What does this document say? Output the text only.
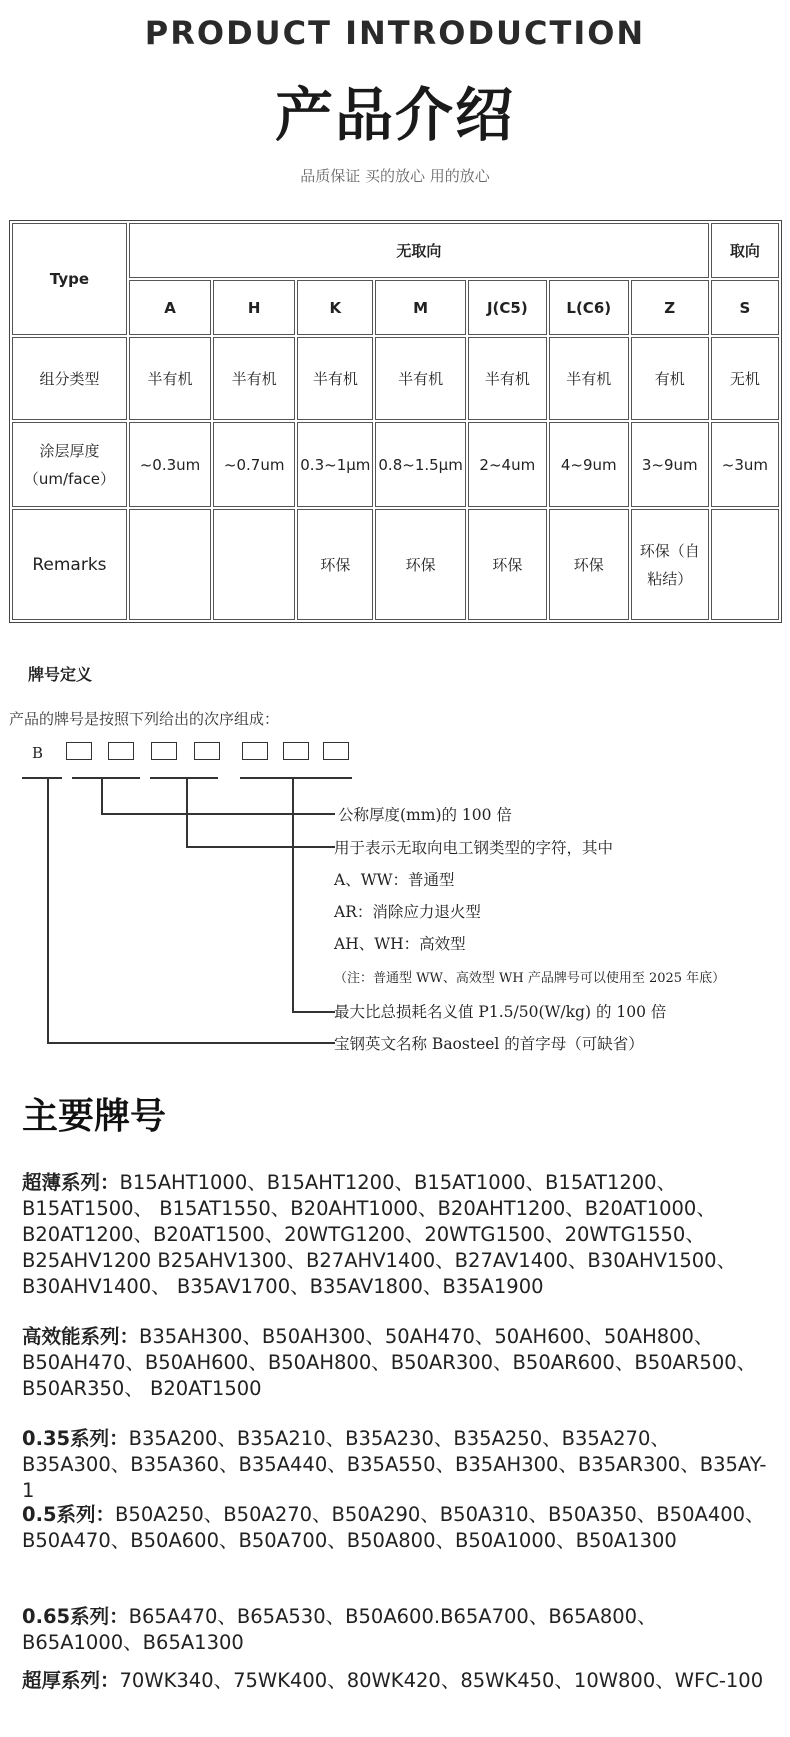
PRODUCT INTRODUCTION
产品介绍
品质保证 买的放心 用的放心
Type	无取向							取向
	A	H	K	M	J(C5)	L(C6)	Z	S
组分类型	半有机	半有机	半有机	半有机	半有机	半有机	有机	无机
涂层厚度（um/face）	~0.3um	~0.7um	0.3~1μm	0.8~1.5μm	2~4um	4~9um	3~9um	~3um
Remarks			环保	环保	环保	环保	环保（自粘结）	
牌号定义
产品的牌号是按照下列给出的次序组成：
B
公称厚度(mm)的 100 倍
用于表示无取向电工钢类型的字符，其中
A、WW：普通型
AR：消除应力退火型
AH、WH：高效型
（注：普通型 WW、高效型 WH 产品牌号可以使用至 2025 年底）
最大比总损耗名义值 P1.5/50(W/kg) 的 100 倍
宝钢英文名称 Baosteel 的首字母（可缺省）
主要牌号
超薄系列：B15AHT1000、B15AHT1200、B15AT1000、B15AT1200、B15AT1500、 B15AT1550、B20AHT1000、B20AHT1200、B20AT1000、B20AT1200、B20AT1500、20WTG1200、20WTG1500、20WTG1550、B25AHV1200 B25AHV1300、B27AHV1400、B27AV1400、B30AHV1500、B30AHV1400、 B35AV1700、B35AV1800、B35A1900
高效能系列：B35AH300、B50AH300、50AH470、50AH600、50AH800、B50AH470、B50AH600、B50AH800、B50AR300、B50AR600、B50AR500、B50AR350、 B20AT1500
0.35系列：B35A200、B35A210、B35A230、B35A250、B35A270、B35A300、B35A360、B35A440、B35A550、B35AH300、B35AR300、B35AY-1
0.5系列：B50A250、B50A270、B50A290、B50A310、B50A350、B50A400、B50A470、B50A600、B50A700、B50A800、B50A1000、B50A1300
0.65系列：B65A470、B65A530、B50A600.B65A700、B65A800、B65A1000、B65A1300
超厚系列：70WK340、75WK400、80WK420、85WK450、10W800、WFC-100
